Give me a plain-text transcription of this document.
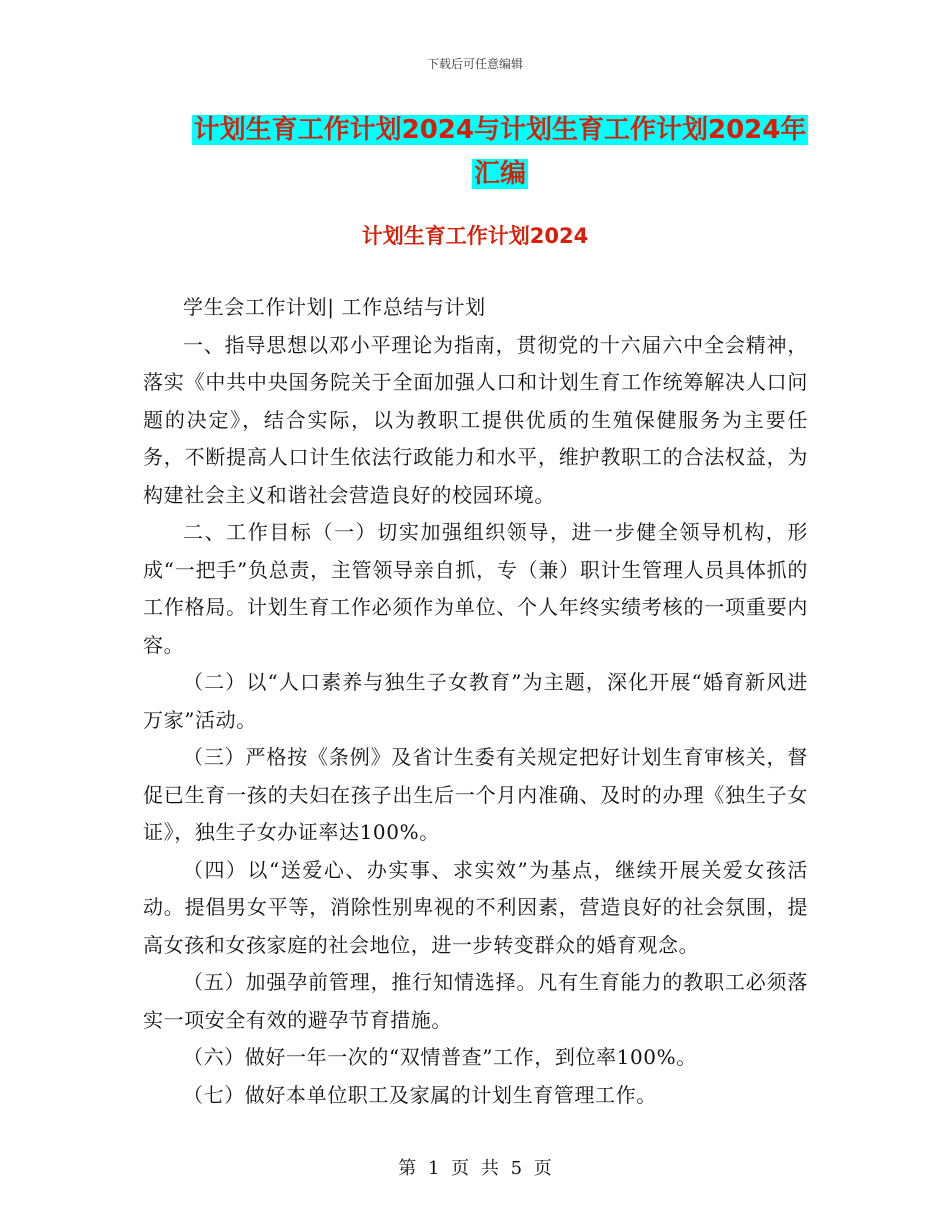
下载后可任意编辑
计划生育工作计划2024与计划生育工作计划2024年
汇编
计划生育工作计划2024

学生会工作计划| 工作总结与计划

一、指导思想以邓小平理论为指南，贯彻党的十六届六中全会精神，落实《中共中央国务院关于全面加强人口和计划生育工作统筹解决人口问题的决定》，结合实际，以为教职工提供优质的生殖保健服务为主要任务，不断提高人口计生依法行政能力和水平，维护教职工的合法权益，为构建社会主义和谐社会营造良好的校园环境。

二、工作目标（一）切实加强组织领导，进一步健全领导机构，形成“一把手”负总责，主管领导亲自抓，专（兼）职计生管理人员具体抓的工作格局。计划生育工作必须作为单位、个人年终实绩考核的一项重要内容。

（二）以“人口素养与独生子女教育”为主题，深化开展“婚育新风进万家”活动。

（三）严格按《条例》及省计生委有关规定把好计划生育审核关，督促已生育一孩的夫妇在孩子出生后一个月内准确、及时的办理《独生子女证》，独生子女办证率达100%。

（四）以“送爱心、办实事、求实效”为基点，继续开展关爱女孩活动。提倡男女平等，消除性别卑视的不利因素，营造良好的社会氛围，提高女孩和女孩家庭的社会地位，进一步转变群众的婚育观念。

（五）加强孕前管理，推行知情选择。凡有生育能力的教职工必须落实一项安全有效的避孕节育措施。

（六）做好一年一次的“双情普查”工作，到位率100%。

（七）做好本单位职工及家属的计划生育管理工作。

第 1 页 共 5 页
